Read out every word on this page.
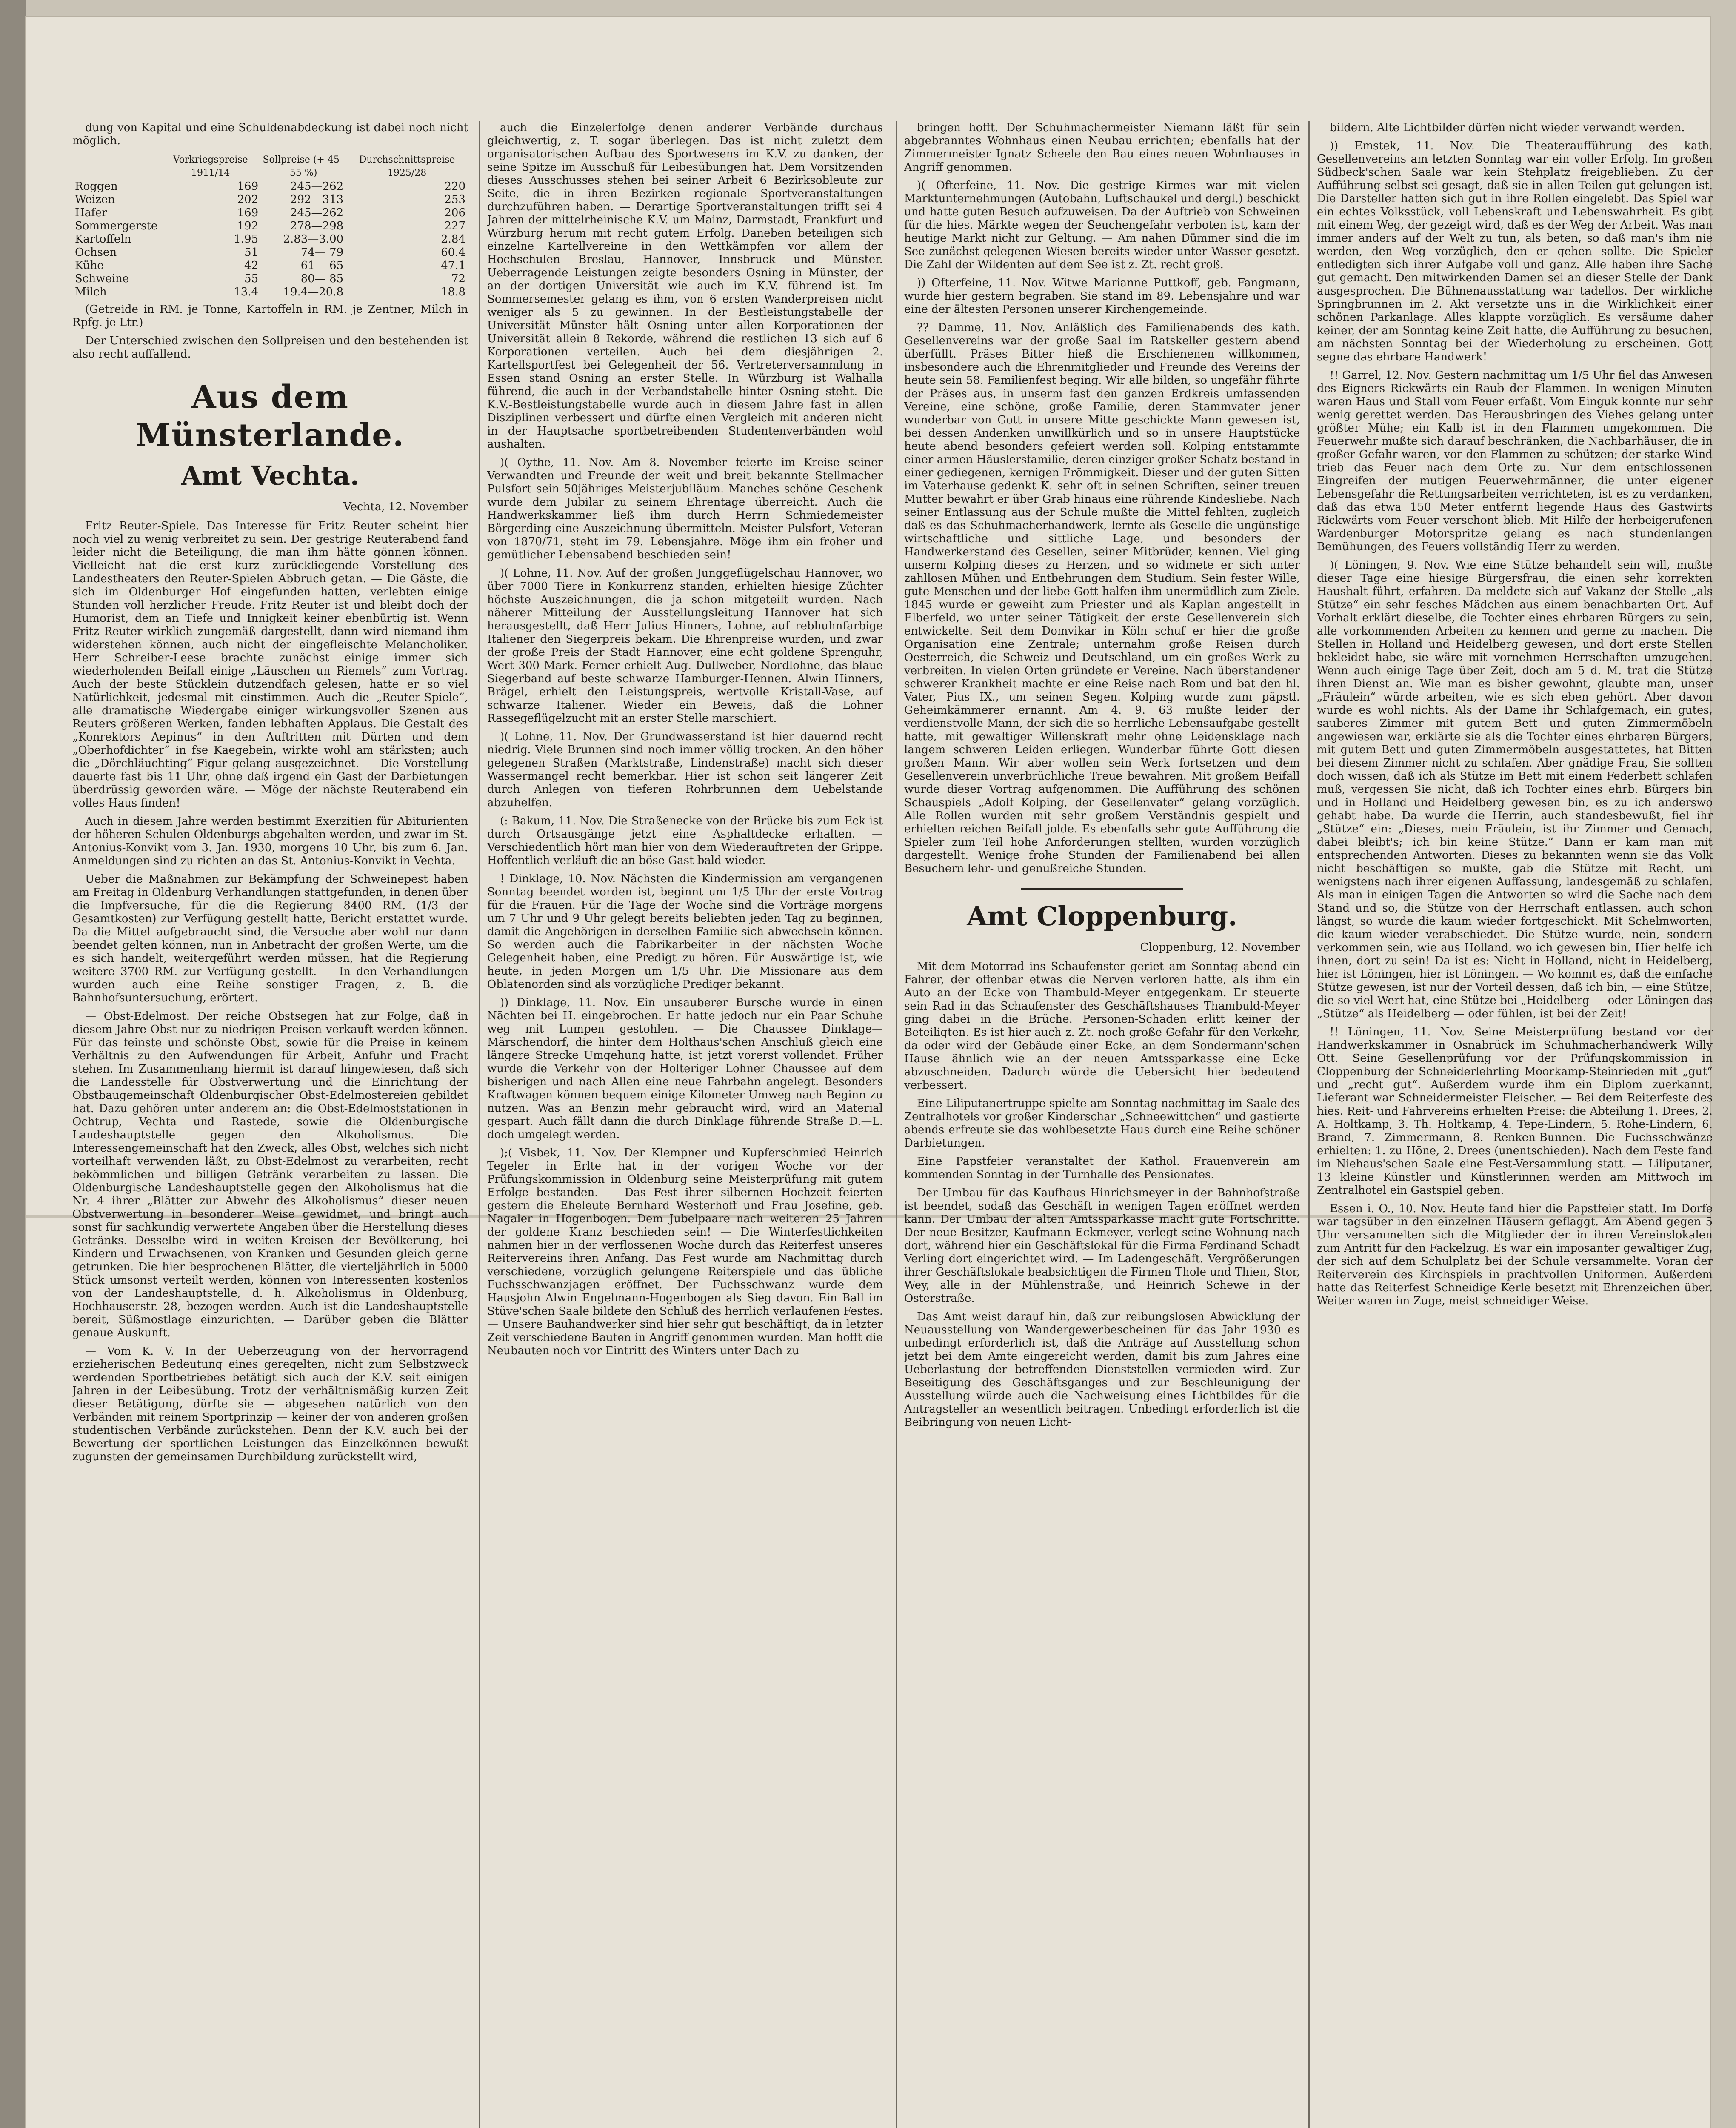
dung von Kapital und eine Schuldenabdeckung ist dabei noch nicht möglich.

	Vorkriegspreise 1911/14	Sollpreise (+ 45–55 %)	Durchschnittspreise 1925/28
Roggen	169	245—262	220
Weizen	202	292—313	253
Hafer	169	245—262	206
Sommergerste	192	278—298	227
Kartoffeln	1.95	2.83—3.00	2.84
Ochsen	51	74— 79	60.4
Kühe	42	61— 65	47.1
Schweine	55	80— 85	72
Milch	13.4	19.4—20.8	18.8

(Getreide in RM. je Tonne, Kartoffeln in RM. je Zentner, Milch in Rpfg. je Ltr.)

Der Unterschied zwischen den Sollpreisen und den bestehenden ist also recht auffallend.

Aus dem Münsterlande.
Amt Vechta.
Vechta, 12. November

Fritz Reuter-Spiele. Das Interesse für Fritz Reuter scheint hier noch viel zu wenig verbreitet zu sein. Der gestrige Reuterabend fand leider nicht die Beteiligung, die man ihm hätte gönnen können. Vielleicht hat die erst kurz zurückliegende Vorstellung des Landestheaters den Reuter-Spielen Abbruch getan. — Die Gäste, die sich im Oldenburger Hof eingefunden hatten, verlebten einige Stunden voll herzlicher Freude. Fritz Reuter ist und bleibt doch der Humorist, dem an Tiefe und Innigkeit keiner ebenbürtig ist. Wenn Fritz Reuter wirklich zungemäß dargestellt, dann wird niemand ihm widerstehen können, auch nicht der eingefleischte Melancholiker. Herr Schreiber-Leese brachte zunächst einige immer sich wiederholenden Beifall einige „Läuschen un Riemels“ zum Vortrag. Auch der beste Stücklein dutzendfach gelesen, hatte er so viel Natürlichkeit, jedesmal mit einstimmen. Auch die „Reuter-Spiele“, alle dramatische Wiedergabe einiger wirkungsvoller Szenen aus Reuters größeren Werken, fanden lebhaften Applaus. Die Gestalt des „Konrektors Aepinus“ in den Auftritten mit Dürten und dem „Oberhofdichter“ in fse Kaegebein, wirkte wohl am stärksten; auch die „Dörchläuchting“-Figur gelang ausgezeichnet. — Die Vorstellung dauerte fast bis 11 Uhr, ohne daß irgend ein Gast der Darbietungen überdrüssig geworden wäre. — Möge der nächste Reuterabend ein volles Haus finden!

Auch in diesem Jahre werden bestimmt Exerzitien für Abiturienten der höheren Schulen Oldenburgs abgehalten werden, und zwar im St. Antonius-Konvikt vom 3. Jan. 1930, morgens 10 Uhr, bis zum 6. Jan. Anmeldungen sind zu richten an das St. Antonius-Konvikt in Vechta.

Ueber die Maßnahmen zur Bekämpfung der Schweinepest haben am Freitag in Oldenburg Verhandlungen stattgefunden, in denen über die Impfversuche, für die die Regierung 8400 RM. (1/3 der Gesamtkosten) zur Verfügung gestellt hatte, Bericht erstattet wurde. Da die Mittel aufgebraucht sind, die Versuche aber wohl nur dann beendet gelten können, nun in Anbetracht der großen Werte, um die es sich handelt, weitergeführt werden müssen, hat die Regierung weitere 3700 RM. zur Verfügung gestellt. — In den Verhandlungen wurden auch eine Reihe sonstiger Fragen, z. B. die Bahnhofsuntersuchung, erörtert.

— Obst-Edelmost. Der reiche Obstsegen hat zur Folge, daß in diesem Jahre Obst nur zu niedrigen Preisen verkauft werden können. Für das feinste und schönste Obst, sowie für die Preise in keinem Verhältnis zu den Aufwendungen für Arbeit, Anfuhr und Fracht stehen. Im Zusammenhang hiermit ist darauf hingewiesen, daß sich die Landesstelle für Obstverwertung und die Einrichtung der Obstbaugemeinschaft Oldenburgischer Obst-Edelmostereien gebildet hat. Dazu gehören unter anderem an: die Obst-Edelmoststationen in Ochtrup, Vechta und Rastede, sowie die Oldenburgische Landeshauptstelle gegen den Alkoholismus. Die Interessengemeinschaft hat den Zweck, alles Obst, welches sich nicht vorteilhaft verwenden läßt, zu Obst-Edelmost zu verarbeiten, recht bekömmlichen und billigen Getränk verarbeiten zu lassen. Die Oldenburgische Landeshauptstelle gegen den Alkoholismus hat die Nr. 4 ihrer „Blätter zur Abwehr des Alkoholismus“ dieser neuen Obstverwertung in besonderer Weise gewidmet, und bringt auch sonst für sachkundig verwertete Angaben über die Herstellung dieses Getränks. Desselbe wird in weiten Kreisen der Bevölkerung, bei Kindern und Erwachsenen, von Kranken und Gesunden gleich gerne getrunken. Die hier besprochenen Blätter, die vierteljährlich in 5000 Stück umsonst verteilt werden, können von Interessenten kostenlos von der Landeshauptstelle, d. h. Alkoholismus in Oldenburg, Hochhauserstr. 28, bezogen werden. Auch ist die Landeshauptstelle bereit, Süßmostlage einzurichten. — Darüber geben die Blätter genaue Auskunft.

— Vom K. V. In der Ueberzeugung von der hervorragend erzieherischen Bedeutung eines geregelten, nicht zum Selbstzweck werdenden Sportbetriebes betätigt sich auch der K.V. seit einigen Jahren in der Leibesübung. Trotz der verhältnismäßig kurzen Zeit dieser Betätigung, dürfte sie — abgesehen natürlich von den Verbänden mit reinem Sportprinzip — keiner der von anderen großen studentischen Verbände zurückstehen. Denn der K.V. auch bei der Bewertung der sportlichen Leistungen das Einzelkönnen bewußt zugunsten der gemeinsamen Durchbildung zurückstellt wird,

auch die Einzelerfolge denen anderer Verbände durchaus gleichwertig, z. T. sogar überlegen. Das ist nicht zuletzt dem organisatorischen Aufbau des Sportwesens im K.V. zu danken, der seine Spitze im Ausschuß für Leibesübungen hat. Dem Vorsitzenden dieses Ausschusses stehen bei seiner Arbeit 6 Bezirksobleute zur Seite, die in ihren Bezirken regionale Sportveranstaltungen durchzuführen haben. — Derartige Sportveranstaltungen trifft sei 4 Jahren der mittelrheinische K.V. um Mainz, Darmstadt, Frankfurt und Würzburg herum mit recht gutem Erfolg. Daneben beteiligen sich einzelne Kartellvereine in den Wettkämpfen vor allem der Hochschulen Breslau, Hannover, Innsbruck und Münster. Ueberragende Leistungen zeigte besonders Osning in Münster, der an der dortigen Universität wie auch im K.V. führend ist. Im Sommersemester gelang es ihm, von 6 ersten Wanderpreisen nicht weniger als 5 zu gewinnen. In der Bestleistungstabelle der Universität Münster hält Osning unter allen Korporationen der Universität allein 8 Rekorde, während die restlichen 13 sich auf 6 Korporationen verteilen. Auch bei dem diesjährigen 2. Kartellsportfest bei Gelegenheit der 56. Vertreterversammlung in Essen stand Osning an erster Stelle. In Würzburg ist Walhalla führend, die auch in der Verbandstabelle hinter Osning steht. Die K.V.-Bestleistungstabelle wurde auch in diesem Jahre fast in allen Disziplinen verbessert und dürfte einen Vergleich mit anderen nicht in der Hauptsache sportbetreibenden Studentenverbänden wohl aushalten.

)( Oythe, 11. Nov. Am 8. November feierte im Kreise seiner Verwandten und Freunde der weit und breit bekannte Stellmacher Pulsfort sein 50jähriges Meisterjubiläum. Manches schöne Geschenk wurde dem Jubilar zu seinem Ehrentage überreicht. Auch die Handwerkskammer ließ ihm durch Herrn Schmiedemeister Börgerding eine Auszeichnung übermitteln. Meister Pulsfort, Veteran von 1870/71, steht im 79. Lebensjahre. Möge ihm ein froher und gemütlicher Lebensabend beschieden sein!

)( Lohne, 11. Nov. Auf der großen Junggeflügelschau Hannover, wo über 7000 Tiere in Konkurrenz standen, erhielten hiesige Züchter höchste Auszeichnungen, die ja schon mitgeteilt wurden. Nach näherer Mitteilung der Ausstellungsleitung Hannover hat sich herausgestellt, daß Herr Julius Hinners, Lohne, auf rebhuhnfarbige Italiener den Siegerpreis bekam. Die Ehrenpreise wurden, und zwar der große Preis der Stadt Hannover, eine echt goldene Sprenguhr, Wert 300 Mark. Ferner erhielt Aug. Dullweber, Nordlohne, das blaue Siegerband auf beste schwarze Hamburger-Hennen. Alwin Hinners, Brägel, erhielt den Leistungspreis, wertvolle Kristall-Vase, auf schwarze Italiener. Wieder ein Beweis, daß die Lohner Rassegeflügelzucht mit an erster Stelle marschiert.

)( Lohne, 11. Nov. Der Grundwasserstand ist hier dauernd recht niedrig. Viele Brunnen sind noch immer völlig trocken. An den höher gelegenen Straßen (Marktstraße, Lindenstraße) macht sich dieser Wassermangel recht bemerkbar. Hier ist schon seit längerer Zeit durch Anlegen von tieferen Rohrbrunnen dem Uebelstande abzuhelfen.

(: Bakum, 11. Nov. Die Straßenecke von der Brücke bis zum Eck ist durch Ortsausgänge jetzt eine Asphaltdecke erhalten. — Verschiedentlich hört man hier von dem Wiederauftreten der Grippe. Hoffentlich verläuft die an böse Gast bald wieder.

! Dinklage, 10. Nov. Nächsten die Kindermission am vergangenen Sonntag beendet worden ist, beginnt um 1/5 Uhr der erste Vortrag für die Frauen. Für die Tage der Woche sind die Vorträge morgens um 7 Uhr und 9 Uhr gelegt bereits beliebten jeden Tag zu beginnen, damit die Angehörigen in derselben Familie sich abwechseln können. So werden auch die Fabrikarbeiter in der nächsten Woche Gelegenheit haben, eine Predigt zu hören. Für Auswärtige ist, wie heute, in jeden Morgen um 1/5 Uhr. Die Missionare aus dem Oblatenorden sind als vorzügliche Prediger bekannt.

)) Dinklage, 11. Nov. Ein unsauberer Bursche wurde in einen Nächten bei H. eingebrochen. Er hatte jedoch nur ein Paar Schuhe weg mit Lumpen gestohlen. — Die Chaussee Dinklage—Märschendorf, die hinter dem Holthaus'schen Anschluß gleich eine längere Strecke Umgehung hatte, ist jetzt vorerst vollendet. Früher wurde die Verkehr von der Holteriger Lohner Chaussee auf dem bisherigen und nach Allen eine neue Fahrbahn angelegt. Besonders Kraftwagen können bequem einige Kilometer Umweg nach Beginn zu nutzen. Was an Benzin mehr gebraucht wird, wird an Material gespart. Auch fällt dann die durch Dinklage führende Straße D.—L. doch umgelegt werden.

);( Visbek, 11. Nov. Der Klempner und Kupferschmied Heinrich Tegeler in Erlte hat in der vorigen Woche vor der Prüfungskommission in Oldenburg seine Meisterprüfung mit gutem Erfolge bestanden. — Das Fest ihrer silbernen Hochzeit feierten gestern die Eheleute Bernhard Westerhoff und Frau Josefine, geb. Nagaler in Hogenbogen. Dem Jubelpaare nach weiteren 25 Jahren der goldene Kranz beschieden sein! — Die Winterfestlichkeiten nahmen hier in der verflossenen Woche durch das Reiterfest unseres Reitervereins ihren Anfang. Das Fest wurde am Nachmittag durch verschiedene, vorzüglich gelungene Reiterspiele und das übliche Fuchsschwanzjagen eröffnet. Der Fuchsschwanz wurde dem Hausjohn Alwin Engelmann-Hogenbogen als Sieg davon. Ein Ball im Stüve'schen Saale bildete den Schluß des herrlich verlaufenen Festes. — Unsere Bauhandwerker sind hier sehr gut beschäftigt, da in letzter Zeit verschiedene Bauten in Angriff genommen wurden. Man hofft die Neubauten noch vor Eintritt des Winters unter Dach zu

bringen hofft. Der Schuhmachermeister Niemann läßt für sein abgebranntes Wohnhaus einen Neubau errichten; ebenfalls hat der Zimmermeister Ignatz Scheele den Bau eines neuen Wohnhauses in Angriff genommen.

)( Ofterfeine, 11. Nov. Die gestrige Kirmes war mit vielen Marktunternehmungen (Autobahn, Luftschaukel und dergl.) beschickt und hatte guten Besuch aufzuweisen. Da der Auftrieb von Schweinen für die hies. Märkte wegen der Seuchengefahr verboten ist, kam der heutige Markt nicht zur Geltung. — Am nahen Dümmer sind die im See zunächst gelegenen Wiesen bereits wieder unter Wasser gesetzt. Die Zahl der Wildenten auf dem See ist z. Zt. recht groß.

)) Ofterfeine, 11. Nov. Witwe Marianne Puttkoff, geb. Fangmann, wurde hier gestern begraben. Sie stand im 89. Lebensjahre und war eine der ältesten Personen unserer Kirchengemeinde.

?? Damme, 11. Nov. Anläßlich des Familienabends des kath. Gesellenvereins war der große Saal im Ratskeller gestern abend überfüllt. Präses Bitter hieß die Erschienenen willkommen, insbesondere auch die Ehrenmitglieder und Freunde des Vereins der heute sein 58. Familienfest beging. Wir alle bilden, so ungefähr führte der Präses aus, in unserm fast den ganzen Erdkreis umfassenden Vereine, eine schöne, große Familie, deren Stammvater jener wunderbar von Gott in unsere Mitte geschickte Mann gewesen ist, bei dessen Andenken unwillkürlich und so in unsere Hauptstücke heute abend besonders gefeiert werden soll. Kolping entstammte einer armen Häuslersfamilie, deren einziger großer Schatz bestand in einer gediegenen, kernigen Frömmigkeit. Dieser und der guten Sitten im Vaterhause gedenkt K. sehr oft in seinen Schriften, seiner treuen Mutter bewahrt er über Grab hinaus eine rührende Kindesliebe. Nach seiner Entlassung aus der Schule mußte die Mittel fehlten, zugleich daß es das Schuhmacherhandwerk, lernte als Geselle die ungünstige wirtschaftliche und sittliche Lage, und besonders der Handwerkerstand des Gesellen, seiner Mitbrüder, kennen. Viel ging unserm Kolping dieses zu Herzen, und so widmete er sich unter zahllosen Mühen und Entbehrungen dem Studium. Sein fester Wille, gute Menschen und der liebe Gott halfen ihm unermüdlich zum Ziele. 1845 wurde er geweiht zum Priester und als Kaplan angestellt in Elberfeld, wo unter seiner Tätigkeit der erste Gesellenverein sich entwickelte. Seit dem Domvikar in Köln schuf er hier die große Organisation eine Zentrale; unternahm große Reisen durch Oesterreich, die Schweiz und Deutschland, um ein großes Werk zu verbreiten. In vielen Orten gründete er Vereine. Nach überstandener schwerer Krankheit machte er eine Reise nach Rom und bat den hl. Vater, Pius IX., um seinen Segen. Kolping wurde zum päpstl. Geheimkämmerer ernannt. Am 4. 9. 63 mußte leider der verdienstvolle Mann, der sich die so herrliche Lebensaufgabe gestellt hatte, mit gewaltiger Willenskraft mehr ohne Leidensklage nach langem schweren Leiden erliegen. Wunderbar führte Gott diesen großen Mann. Wir aber wollen sein Werk fortsetzen und dem Gesellenverein unverbrüchliche Treue bewahren. Mit großem Beifall wurde dieser Vortrag aufgenommen. Die Aufführung des schönen Schauspiels „Adolf Kolping, der Gesellenvater“ gelang vorzüglich. Alle Rollen wurden mit sehr großem Verständnis gespielt und erhielten reichen Beifall jolde. Es ebenfalls sehr gute Aufführung die Spieler zum Teil hohe Anforderungen stellten, wurden vorzüglich dargestellt. Wenige frohe Stunden der Familienabend bei allen Besuchern lehr- und genußreiche Stunden.

Amt Cloppenburg.
Cloppenburg, 12. November

Mit dem Motorrad ins Schaufenster geriet am Sonntag abend ein Fahrer, der offenbar etwas die Nerven verloren hatte, als ihm ein Auto an der Ecke von Thambuld-Meyer entgegenkam. Er steuerte sein Rad in das Schaufenster des Geschäftshauses Thambuld-Meyer ging dabei in die Brüche. Personen-Schaden erlitt keiner der Beteiligten. Es ist hier auch z. Zt. noch große Gefahr für den Verkehr, da oder wird der Gebäude einer Ecke, an dem Sondermann'schen Hause ähnlich wie an der neuen Amtssparkasse eine Ecke abzuschneiden. Dadurch würde die Uebersicht hier bedeutend verbessert.

Eine Liliputanertruppe spielte am Sonntag nachmittag im Saale des Zentralhotels vor großer Kinderschar „Schneewittchen“ und gastierte abends erfreute sie das wohlbesetzte Haus durch eine Reihe schöner Darbietungen.

Eine Papstfeier veranstaltet der Kathol. Frauenverein am kommenden Sonntag in der Turnhalle des Pensionates.

Der Umbau für das Kaufhaus Hinrichsmeyer in der Bahnhofstraße ist beendet, sodaß das Geschäft in wenigen Tagen eröffnet werden kann. Der Umbau der alten Amtssparkasse macht gute Fortschritte. Der neue Besitzer, Kaufmann Eckmeyer, verlegt seine Wohnung nach dort, während hier ein Geschäftslokal für die Firma Ferdinand Schadt Verling dort eingerichtet wird. — Im Ladengeschäft. Vergrößerungen ihrer Geschäftslokale beabsichtigen die Firmen Thole und Thien, Stor, Wey, alle in der Mühlenstraße, und Heinrich Schewe in der Osterstraße.

Das Amt weist darauf hin, daß zur reibungslosen Abwicklung der Neuausstellung von Wandergewerbescheinen für das Jahr 1930 es unbedingt erforderlich ist, daß die Anträge auf Ausstellung schon jetzt bei dem Amte eingereicht werden, damit bis zum Jahres eine Ueberlastung der betreffenden Dienststellen vermieden wird. Zur Beseitigung des Geschäftsganges und zur Beschleunigung der Ausstellung würde auch die Nachweisung eines Lichtbildes für die Antragsteller an wesentlich beitragen. Unbedingt erforderlich ist die Beibringung von neuen Licht-

bildern. Alte Lichtbilder dürfen nicht wieder verwandt werden.

)) Emstek, 11. Nov. Die Theateraufführung des kath. Gesellenvereins am letzten Sonntag war ein voller Erfolg. Im großen Südbeck'schen Saale war kein Stehplatz freigeblieben. Zu der Aufführung selbst sei gesagt, daß sie in allen Teilen gut gelungen ist. Die Darsteller hatten sich gut in ihre Rollen eingelebt. Das Spiel war ein echtes Volksstück, voll Lebenskraft und Lebenswahrheit. Es gibt mit einem Weg, der gezeigt wird, daß es der Weg der Arbeit. Was man immer anders auf der Welt zu tun, als beten, so daß man's ihm nie werden, den Weg vorzüglich, den er gehen sollte. Die Spieler entledigten sich ihrer Aufgabe voll und ganz. Alle haben ihre Sache gut gemacht. Den mitwirkenden Damen sei an dieser Stelle der Dank ausgesprochen. Die Bühnenausstattung war tadellos. Der wirkliche Springbrunnen im 2. Akt versetzte uns in die Wirklichkeit einer schönen Parkanlage. Alles klappte vorzüglich. Es versäume daher keiner, der am Sonntag keine Zeit hatte, die Aufführung zu besuchen, am nächsten Sonntag bei der Wiederholung zu erscheinen. Gott segne das ehrbare Handwerk!

!! Garrel, 12. Nov. Gestern nachmittag um 1/5 Uhr fiel das Anwesen des Eigners Rickwärts ein Raub der Flammen. In wenigen Minuten waren Haus und Stall vom Feuer erfaßt. Vom Einguk konnte nur sehr wenig gerettet werden. Das Herausbringen des Viehes gelang unter größter Mühe; ein Kalb ist in den Flammen umgekommen. Die Feuerwehr mußte sich darauf beschränken, die Nachbarhäuser, die in großer Gefahr waren, vor den Flammen zu schützen; der starke Wind trieb das Feuer nach dem Orte zu. Nur dem entschlossenen Eingreifen der mutigen Feuerwehrmänner, die unter eigener Lebensgefahr die Rettungsarbeiten verrichteten, ist es zu verdanken, daß das etwa 150 Meter entfernt liegende Haus des Gastwirts Rickwärts vom Feuer verschont blieb. Mit Hilfe der herbeigerufenen Wardenburger Motorspritze gelang es nach stundenlangen Bemühungen, des Feuers vollständig Herr zu werden.

)( Löningen, 9. Nov. Wie eine Stütze behandelt sein will, mußte dieser Tage eine hiesige Bürgersfrau, die einen sehr korrekten Haushalt führt, erfahren. Da meldete sich auf Vakanz der Stelle „als Stütze“ ein sehr fesches Mädchen aus einem benachbarten Ort. Auf Vorhalt erklärt dieselbe, die Tochter eines ehrbaren Bürgers zu sein, alle vorkommenden Arbeiten zu kennen und gerne zu machen. Die Stellen in Holland und Heidelberg gewesen, und dort erste Stellen bekleidet habe, sie wäre mit vornehmen Herrschaften umzugehen. Wenn auch einige Tage über Zeit, doch am 5 d. M. trat die Stütze ihren Dienst an. Wie man es bisher gewohnt, glaubte man, unser „Fräulein“ würde arbeiten, wie es sich eben gehört. Aber davon wurde es wohl nichts. Als der Dame ihr Schlafgemach, ein gutes, sauberes Zimmer mit gutem Bett und guten Zimmermöbeln angewiesen war, erklärte sie als die Tochter eines ehrbaren Bürgers, mit gutem Bett und guten Zimmermöbeln ausgestattetes, hat Bitten bei diesem Zimmer nicht zu schlafen. Aber gnädige Frau, Sie sollten doch wissen, daß ich als Stütze im Bett mit einem Federbett schlafen muß, vergessen Sie nicht, daß ich Tochter eines ehrb. Bürgers bin und in Holland und Heidelberg gewesen bin, es zu ich anderswo gehabt habe. Da wurde die Herrin, auch standesbewußt, fiel ihr „Stütze“ ein: „Dieses, mein Fräulein, ist ihr Zimmer und Gemach, dabei bleibt's; ich bin keine Stütze.“ Dann er kam man mit entsprechenden Antworten. Dieses zu bekannten wenn sie das Volk nicht beschäftigen so mußte, gab die Stütze mit Recht, um wenigstens nach ihrer eigenen Auffassung, landesgemäß zu schlafen. Als man in einigen Tagen die Antworten so wird die Sache nach dem Stand und so, die Stütze von der Herrschaft entlassen, auch schon längst, so wurde die kaum wieder fortgeschickt. Mit Schelmworten, die kaum wieder verabschiedet. Die Stütze wurde, nein, sondern verkommen sein, wie aus Holland, wo ich gewesen bin, Hier helfe ich ihnen, dort zu sein! Da ist es: Nicht in Holland, nicht in Heidelberg, hier ist Löningen, hier ist Löningen. — Wo kommt es, daß die einfache Stütze gewesen, ist nur der Vorteil dessen, daß ich bin, — eine Stütze, die so viel Wert hat, eine Stütze bei „Heidelberg — oder Löningen das „Stütze“ als Heidelberg — oder fühlen, ist bei der Zeit!

!! Löningen, 11. Nov. Seine Meisterprüfung bestand vor der Handwerkskammer in Osnabrück im Schuhmacherhandwerk Willy Ott. Seine Gesellenprüfung vor der Prüfungskommission in Cloppenburg der Schneiderlehrling Moorkamp-Steinrieden mit „gut“ und „recht gut“. Außerdem wurde ihm ein Diplom zuerkannt. Lieferant war Schneidermeister Fleischer. — Bei dem Reiterfeste des hies. Reit- und Fahrvereins erhielten Preise: die Abteilung 1. Drees, 2. A. Holtkamp, 3. Th. Holtkamp, 4. Tepe-Lindern, 5. Rohe-Lindern, 6. Brand, 7. Zimmermann, 8. Renken-Bunnen. Die Fuchsschwänze erhielten: 1. zu Höne, 2. Drees (unentschieden). Nach dem Feste fand im Niehaus'schen Saale eine Fest-Versammlung statt. — Liliputaner, 13 kleine Künstler und Künstlerinnen werden am Mittwoch im Zentralhotel ein Gastspiel geben.

Essen i. O., 10. Nov. Heute fand hier die Papstfeier statt. Im Dorfe war tagsüber in den einzelnen Häusern geflaggt. Am Abend gegen 5 Uhr versammelten sich die Mitglieder der in ihren Vereinslokalen zum Antritt für den Fackelzug. Es war ein imposanter gewaltiger Zug, der sich auf dem Schulplatz bei der Schule versammelte. Voran der Reiterverein des Kirchspiels in prachtvollen Uniformen. Außerdem hatte das Reiterfest Schneidige Kerle besetzt mit Ehrenzeichen über. Weiter waren im Zuge, meist schneidiger Weise.
